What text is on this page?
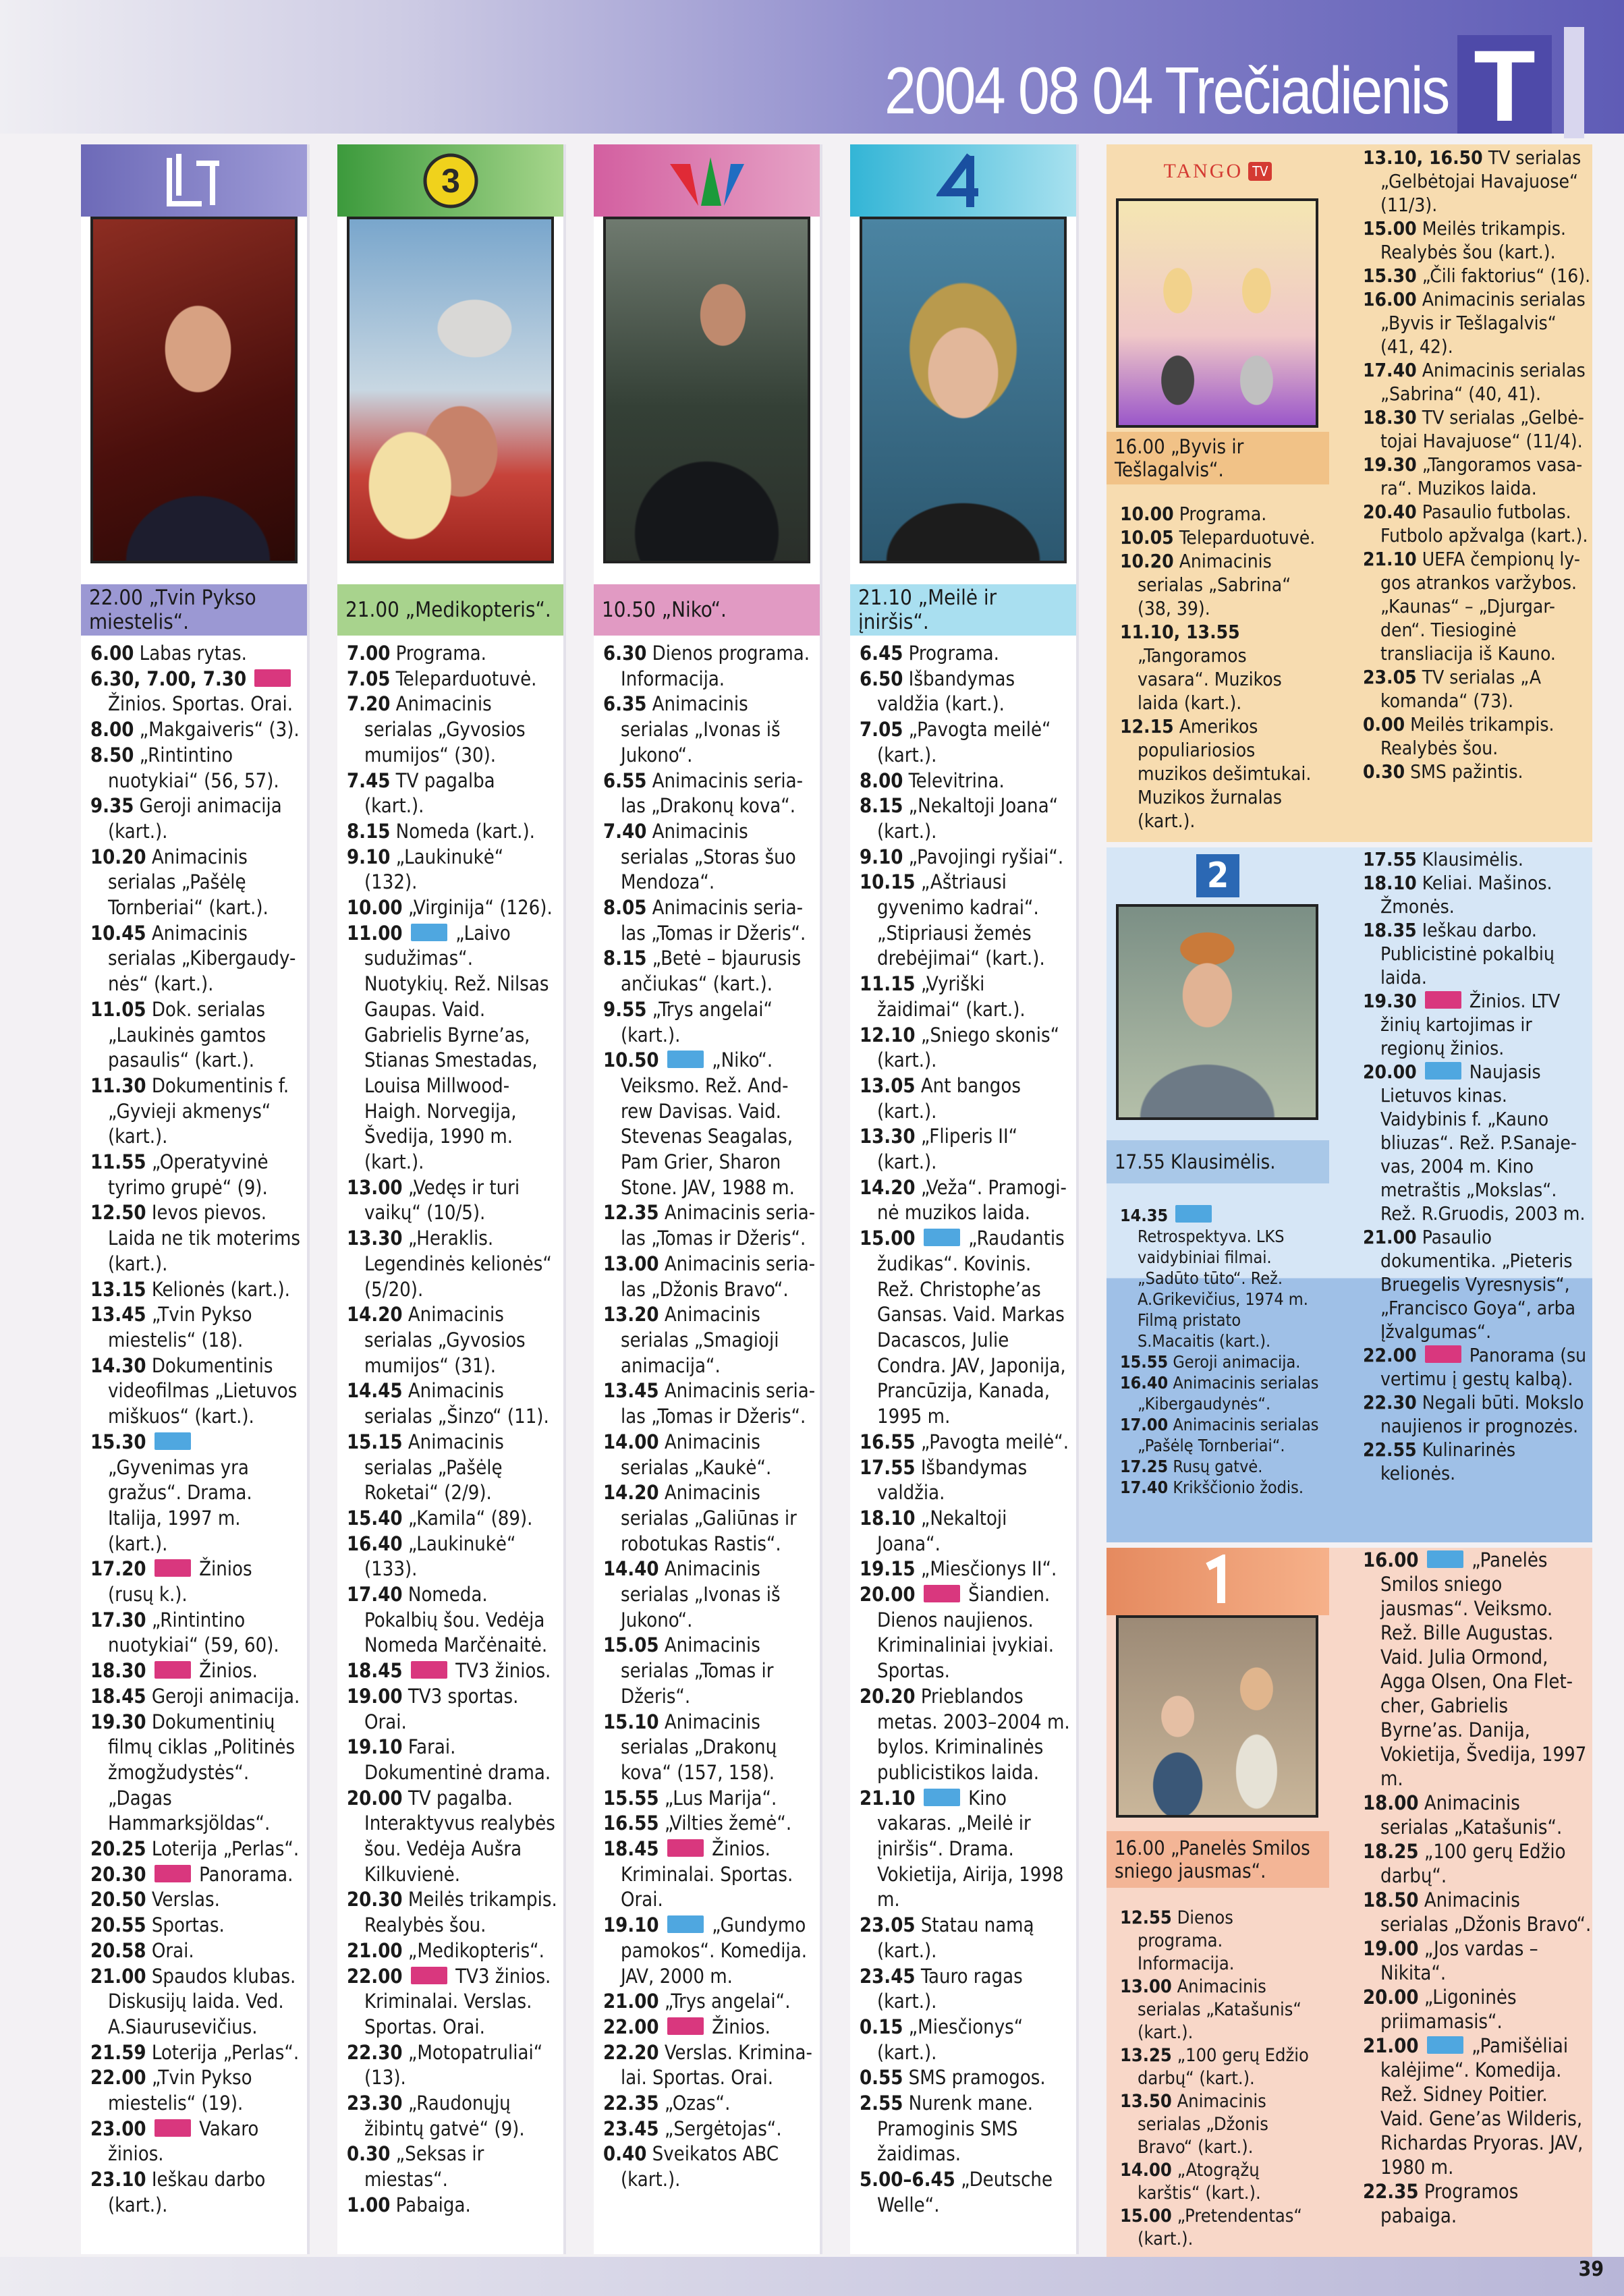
2004 08 04 Trečiadienis T
22.00 „Tvin Pykso miestelis“.

6.00 Labas rytas.

6.30, 7.00, 7.30  Žinios. Sportas. Orai.

8.00 „Makgaiveris“ (3).

8.50 „Rintintino nuotykiai“ (56, 57).

9.35 Geroji animacija (kart.).

10.20 Animacinis serialas „Pašėlę Tornberiai“ (kart.).

10.45 Animacinis serialas „Kibergaudy-nės“ (kart.).

11.05 Dok. serialas „Laukinės gamtos pasaulis“ (kart.).

11.30 Dokumentinis f. „Gyvieji akmenys“ (kart.).

11.55 „Operatyvinė tyrimo grupė“ (9).

12.50 Ievos pievos. Laida ne tik moterims (kart.).

13.15 Kelionės (kart.).

13.45 „Tvin Pykso miestelis“ (18).

14.30 Dokumentinis videofilmas „Lietuvos miškuos“ (kart.).

15.30  „Gyvenimas yra gražus“. Drama. Italija, 1997 m. (kart.).

17.20	Žinios (rusų k.).

17.30 „Rintintino nuotykiai“ (59, 60).

18.30	Žinios.

18.45 Geroji animacija.

19.30 Dokumentinių filmų ciklas „Politinės žmogžudystės“. „Dagas Hammarksjöldas“.

20.25 Loterija „Perlas“.

20.30	Panorama.

20.50 Verslas.

20.55 Sportas.

20.58 Orai.

21.00 Spaudos klubas. Diskusijų laida. Ved. A.Siaurusevičius.

21.59 Loterija „Perlas“.

22.00 „Tvin Pykso miestelis“ (19).

23.00	Vakaro žinios.

23.10 Ieškau darbo (kart.).

3
21.00 „Medikopteris“.

7.00 Programa.

7.05 Teleparduotuvė.

7.20 Animacinis serialas „Gyvosios mumijos“ (30).

7.45 TV pagalba (kart.).

8.15 Nomeda (kart.).

9.10 „Laukinukė“ (132).

10.00 „Virginija“ (126).

11.00	„Laivo sudužimas“. Nuotykių. Rež. Nilsas Gaupas. Vaid. Gabrielis Byrne’as, Stianas Smestadas, Louisa Millwood-Haigh. Norvegija, Švedija, 1990 m. (kart.).

13.00 „Vedęs ir turi vaikų“ (10/5).

13.30 „Heraklis. Legendinės kelionės“ (5/20).

14.20 Animacinis serialas „Gyvosios mumijos“ (31).

14.45 Animacinis serialas „Šinzo“ (11).

15.15 Animacinis serialas „Pašėlę Roketai“ (2/9).

15.40 „Kamila“ (89).

16.40 „Laukinukė“ (133).

17.40 Nomeda. Pokalbių šou. Vedėja Nomeda Marčėnaitė.

18.45	TV3 žinios.

19.00 TV3 sportas. Orai.

19.10 Farai. Dokumentinė drama.

20.00 TV pagalba. Interaktyvus realybės šou. Vedėja Aušra Kilkuvienė.

20.30 Meilės trikampis. Realybės šou.

21.00 „Medikopteris“.

22.00	TV3 žinios. Kriminalai. Verslas. Sportas. Orai.

22.30 „Motopatruliai“ (13).

23.30 „Raudonųjų žibintų gatvė“ (9).

0.30 „Seksas ir miestas“.

1.00 Pabaiga.

10.50 „Niko“.

6.30 Dienos programa. Informacija.

6.35 Animacinis serialas „Ivonas iš Jukono“.

6.55 Animacinis seria-las „Drakonų kova“.

7.40 Animacinis serialas „Storas šuo Mendoza“.

8.05 Animacinis seria-las „Tomas ir Džeris“.

8.15 „Betė – bjaurusis ančiukas“ (kart.).

9.55 „Trys angelai“ (kart.).

10.50	„Niko“. Veiksmo. Rež. And-rew Davisas. Vaid. Stevenas Seagalas, Pam Grier, Sharon Stone. JAV, 1988 m.

12.35 Animacinis seria-las „Tomas ir Džeris“.

13.00 Animacinis seria-las „Džonis Bravo“.

13.20 Animacinis serialas „Smagioji animacija“.

13.45 Animacinis seria-las „Tomas ir Džeris“.

14.00 Animacinis serialas „Kaukė“.

14.20 Animacinis serialas „Galiūnas ir robotukas Rastis“.

14.40 Animacinis serialas „Ivonas iš Jukono“.

15.05 Animacinis serialas „Tomas ir Džeris“.

15.10 Animacinis serialas „Drakonų kova“ (157, 158).

15.55 „Lus Marija“.

16.55 „Vilties žemė“.

18.45	Žinios. Kriminalai. Sportas. Orai.

19.10	„Gundymo pamokos“. Komedija. JAV, 2000 m.

21.00 „Trys angelai“.

22.00	Žinios.

22.20 Verslas. Krimina-lai. Sportas. Orai.

22.35 „Ozas“.

23.45 „Sergėtojas“.

0.40 Sveikatos ABC (kart.).

21.10 „Meilė ir įniršis“.

6.45 Programa.

6.50 Išbandymas valdžia (kart.).

7.05 „Pavogta meilė“ (kart.).

8.00 Televitrina.

8.15 „Nekaltoji Joana“ (kart.).

9.10 „Pavojingi ryšiai“.

10.15 „Aštriausi gyvenimo kadrai“. „Stipriausi žemės drebėjimai“ (kart.).

11.15 „Vyriški žaidimai“ (kart.).

12.10 „Sniego skonis“ (kart.).

13.05 Ant bangos (kart.).

13.30 „Fliperis II“ (kart.).

14.20 „Veža“. Pramogi-nė muzikos laida.

15.00	„Raudantis žudikas“. Kovinis. Rež. Christophe’as Gansas. Vaid. Markas Dacascos, Julie Condra. JAV, Japonija, Prancūzija, Kanada, 1995 m.

16.55 „Pavogta meilė“.

17.55 Išbandymas valdžia.

18.10 „Nekaltoji Joana“.

19.15 „Miesčionys II“.

20.00	Šiandien. Dienos naujienos. Kriminaliniai įvykiai. Sportas.

20.20 Prieblandos metas. 2003–2004 m. bylos. Kriminalinės publicistikos laida.

21.10	Kino vakaras. „Meilė ir įniršis“. Drama. Vokietija, Airija, 1998 m.

23.05 Statau namą (kart.).

23.45 Tauro ragas (kart.).

0.15 „Miesčionys“ (kart.).

0.55 SMS pramogos.

2.55 Nurenk mane. Pramoginis SMS žaidimas.

5.00–6.45 „Deutsche Welle“.

TANGO TV
16.00 „Byvis ir Tešlagalvis“.

10.00 Programa.

10.05 Teleparduotuvė.

10.20 Animacinis serialas „Sabrina“ (38, 39).

11.10, 13.55 „Tangoramos vasara“. Muzikos laida (kart.).

12.15 Amerikos populiariosios muzikos dešimtukai. Muzikos žurnalas (kart.).

13.10, 16.50 TV serialas „Gelbėtojai Havajuose“ (11/3).

15.00 Meilės trikampis. Realybės šou (kart.).

15.30 „Čili faktorius“ (16).

16.00 Animacinis serialas „Byvis ir Tešlagalvis“ (41, 42).

17.40 Animacinis serialas „Sabrina“ (40, 41).

18.30 TV serialas „Gelbė-tojai Havajuose“ (11/4).

19.30 „Tangoramos vasa-ra“. Muzikos laida.

20.40 Pasaulio futbolas. Futbolo apžvalga (kart.).

21.10 UEFA čempionų ly-gos atrankos varžybos. „Kaunas“ – „Djurgar-den“. Tiesioginė transliacija iš Kauno.

23.05 TV serialas „A komanda“ (73).

0.00 Meilės trikampis. Realybės šou.

0.30 SMS pažintis.

2
17.55 Klausimėlis.

14.35  Retrospektyva. LKS vaidybiniai filmai. „Sadūto tūto“. Rež. A.Grikevičius, 1974 m. Filmą pristato S.Macaitis (kart.).

15.55 Geroji animacija.

16.40 Animacinis serialas „Kibergaudynės“.

17.00 Animacinis serialas „Pašėlę Tornberiai“.

17.25 Rusų gatvė.

17.40 Krikščionio žodis.

17.55 Klausimėlis.

18.10 Keliai. Mašinos. Žmonės.

18.35 Ieškau darbo. Publicistinė pokalbių laida.

19.30	Žinios. LTV žinių kartojimas ir regionų žinios.

20.00	Naujasis Lietuvos kinas. Vaidybinis f. „Kauno bliuzas“. Rež. P.Sanaje-vas, 2004 m. Kino metraštis „Mokslas“. Rež. R.Gruodis, 2003 m.

21.00 Pasaulio dokumentika. „Pieteris Bruegelis Vyresnysis“, „Francisco Goya“, arba Įžvalgumas“.

22.00	Panorama (su vertimu į gestų kalbą).

22.30 Negali būti. Mokslo naujienos ir prognozės.

22.55 Kulinarinės kelionės.

16.00 „Panelės Smilos sniego jausmas“.

12.55 Dienos programa. Informacija.

13.00 Animacinis serialas „Katašunis“ (kart.).

13.25 „100 gerų Edžio darbų“ (kart.).

13.50 Animacinis serialas „Džonis Bravo“ (kart.).

14.00 „Atogrąžų karštis“ (kart.).

15.00 „Pretendentas“ (kart.).

16.00	„Panelės Smilos sniego jausmas“. Veiksmo. Rež. Bille Augustas. Vaid. Julia Ormond, Agga Olsen, Ona Flet-cher, Gabrielis Byrne’as. Danija, Vokietija, Švedija, 1997 m.

18.00 Animacinis serialas „Katašunis“.

18.25 „100 gerų Edžio darbų“.

18.50 Animacinis serialas „Džonis Bravo“.

19.00 „Jos vardas – Nikita“.

20.00 „Ligoninės priimamasis“.

21.00	„Pamišėliai kalėjime“. Komedija. Rež. Sidney Poitier. Vaid. Gene’as Wilderis, Richardas Pryoras. JAV, 1980 m.

22.35 Programos pabaiga.

39
